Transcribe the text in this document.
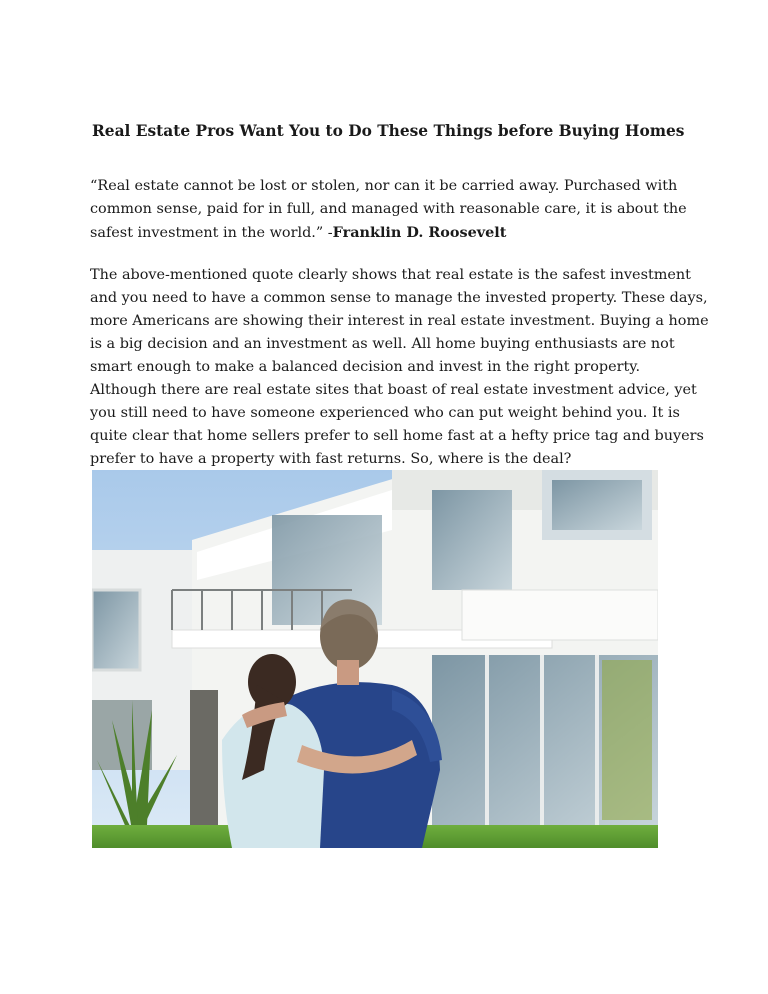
Real Estate Pros Want You to Do These Things before Buying Homes

“Real estate cannot be lost or stolen, nor can it be carried away. Purchased with
common sense, paid for in full, and managed with reasonable care, it is about the
safest investment in the world.” -Franklin D. Roosevelt

The above-mentioned quote clearly shows that real estate is the safest investment
and you need to have a common sense to manage the invested property. These days,
more Americans are showing their interest in real estate investment. Buying a home
is a big decision and an investment as well. All home buying enthusiasts are not
smart enough to make a balanced decision and invest in the right property.
Although there are real estate sites that boast of real estate investment advice, yet
you still need to have someone experienced who can put weight behind you. It is
quite clear that home sellers prefer to sell home fast at a hefty price tag and buyers
prefer to have a property with fast returns. So, where is the deal?
